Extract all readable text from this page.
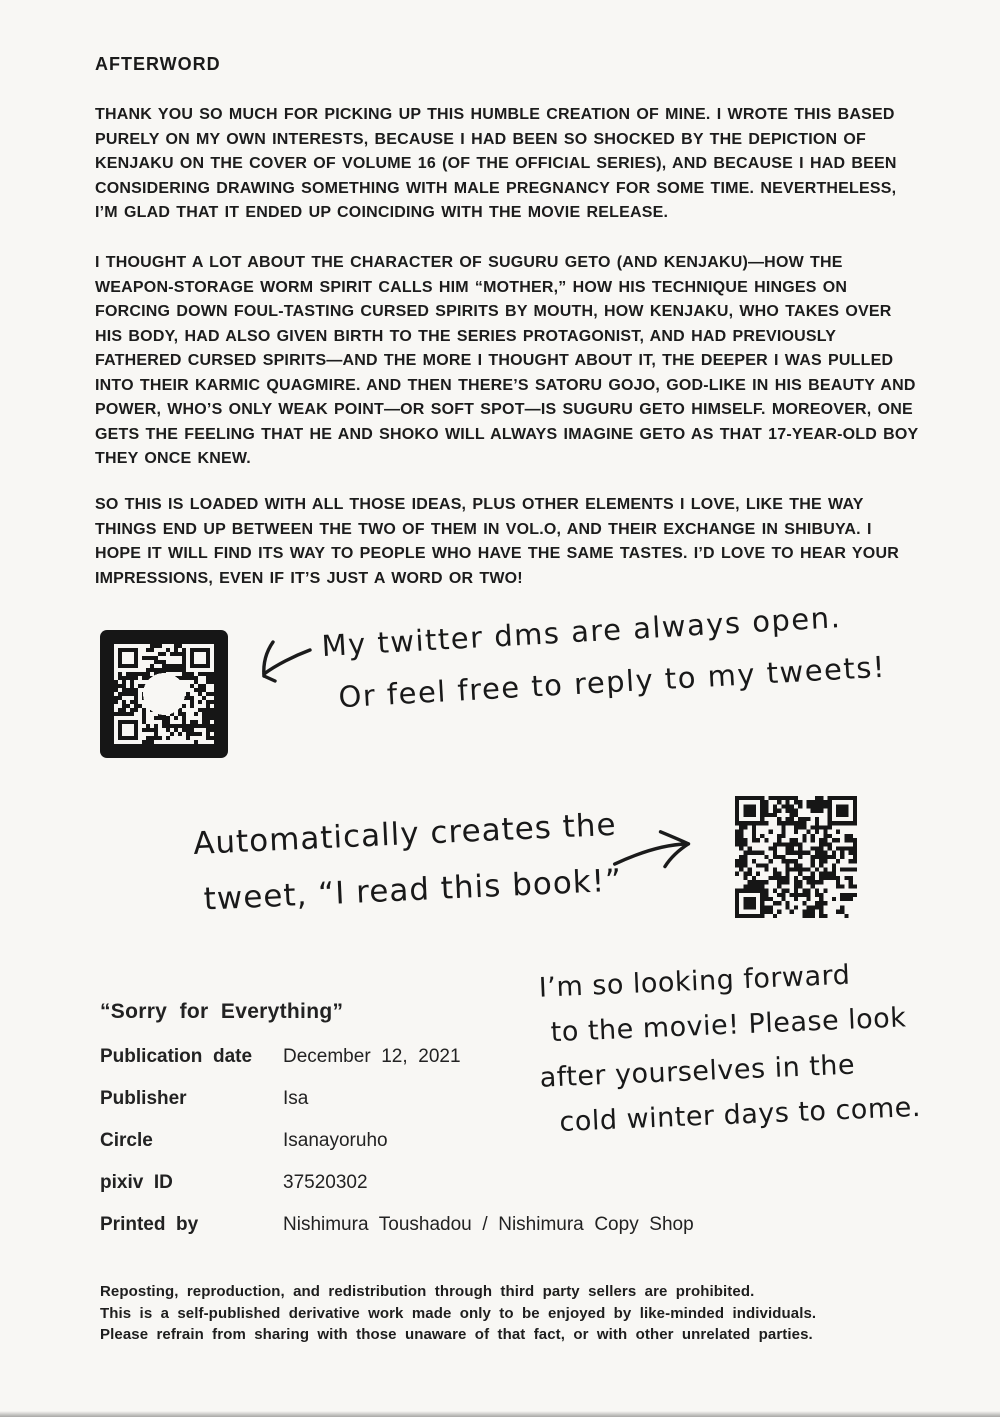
AFTERWORD
THANK YOU SO MUCH FOR PICKING UP THIS HUMBLE CREATION OF MINE. I WROTE THIS BASED PURELY ON MY OWN INTERESTS, BECAUSE I HAD BEEN SO SHOCKED BY THE DEPICTION OF KENJAKU ON THE COVER OF VOLUME 16 (OF THE OFFICIAL SERIES), AND BECAUSE I HAD BEEN CONSIDERING DRAWING SOMETHING WITH MALE PREGNANCY FOR SOME TIME. NEVERTHELESS, I’M GLAD THAT IT ENDED UP COINCIDING WITH THE MOVIE RELEASE.
I THOUGHT A LOT ABOUT THE CHARACTER OF SUGURU GETO (AND KENJAKU)—HOW THE WEAPON-STORAGE WORM SPIRIT CALLS HIM “MOTHER,” HOW HIS TECHNIQUE HINGES ON FORCING DOWN FOUL-TASTING CURSED SPIRITS BY MOUTH, HOW KENJAKU, WHO TAKES OVER HIS BODY, HAD ALSO GIVEN BIRTH TO THE SERIES PROTAGONIST, AND HAD PREVIOUSLY FATHERED CURSED SPIRITS—AND THE MORE I THOUGHT ABOUT IT, THE DEEPER I WAS PULLED INTO THEIR KARMIC QUAGMIRE. AND THEN THERE’S SATORU GOJO, GOD-LIKE IN HIS BEAUTY AND POWER, WHO’S ONLY WEAK POINT—OR SOFT SPOT—IS SUGURU GETO HIMSELF. MOREOVER, ONE GETS THE FEELING THAT HE AND SHOKO WILL ALWAYS IMAGINE GETO AS THAT 17-YEAR-OLD BOY THEY ONCE KNEW.
SO THIS IS LOADED WITH ALL THOSE IDEAS, PLUS OTHER ELEMENTS I LOVE, LIKE THE WAY THINGS END UP BETWEEN THE TWO OF THEM IN VOL.O, AND THEIR EXCHANGE IN SHIBUYA. I HOPE IT WILL FIND ITS WAY TO PEOPLE WHO HAVE THE SAME TASTES. I’D LOVE TO HEAR YOUR IMPRESSIONS, EVEN IF IT’S JUST A WORD OR TWO!
My twitter dms are always open.
Or feel free to reply to my tweets!
Automatically creates the
tweet, “I read this book!”
“Sorry for Everything”
Publication date	December 12, 2021
Publisher	Isa
Circle	Isanayoruho
pixiv ID	37520302
Printed by	Nishimura Toushadou / Nishimura Copy Shop
I’m so looking forward
to the movie! Please look
after yourselves in the
cold winter days to come.
Reposting, reproduction, and redistribution through third party sellers are prohibited.
This is a self-published derivative work made only to be enjoyed by like-minded individuals.
Please refrain from sharing with those unaware of that fact, or with other unrelated parties.
